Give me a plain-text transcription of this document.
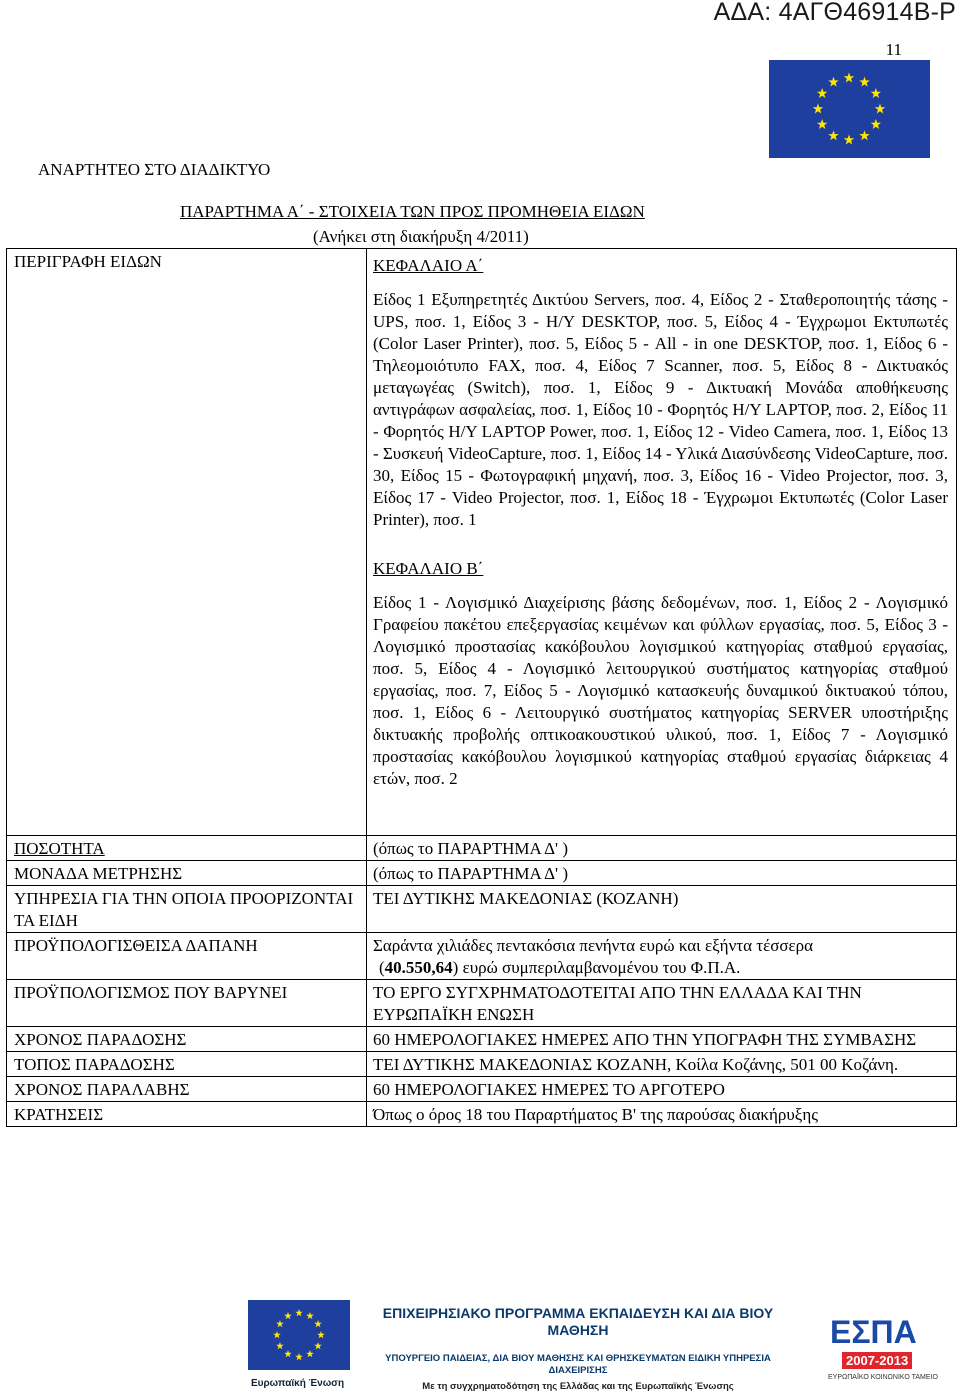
ΑΔΑ: 4ΑΓΘ46914Β-Ρ
11
ΑΝΑΡΤΗΤΕΟ ΣΤΟ ΔΙΑΔΙΚΤΥΟ
ΠΑΡΑΡΤΗΜΑ Α΄ - ΣΤΟΙΧΕΙΑ ΤΩΝ ΠΡΟΣ ΠΡΟΜΗΘΕΙΑ ΕΙΔΩΝ
(Ανήκει στη διακήρυξη 4/2011)
ΠΕΡΙΓΡΑΦΗ ΕΙΔΩΝ	ΚΕΦΑΛΑΙΟ Α΄
Είδος 1 Εξυπηρετητές Δικτύου Servers, ποσ. 4, Είδος 2 - Σταθεροποιητής τάσης - UPS, ποσ. 1, Είδος 3 - Η/Υ DESKTOP, ποσ. 5, Είδος 4 - Έγχρωμοι Εκτυπωτές (Color Laser Printer), ποσ. 5, Είδος 5 - All - in one DESKTOP, ποσ. 1, Είδος 6 - Τηλεομοιότυπο FAX, ποσ. 4, Είδος 7 Scanner, ποσ. 5, Είδος 8 - Δικτυακός μεταγωγέας (Switch), ποσ. 1, Είδος 9 - Δικτυακή Μονάδα αποθήκευσης αντιγράφων ασφαλείας, ποσ. 1, Είδος 10 - Φορητός Η/Υ LAPTOP, ποσ. 2, Είδος 11 - Φορητός Η/Υ LAPTOP Power, ποσ. 1, Είδος 12 - Video Camera, ποσ. 1, Είδος 13 - Συσκευή VideoCapture, ποσ. 1, Είδος 14 - Υλικά Διασύνδεσης VideoCapture, ποσ. 30, Είδος 15 - Φωτογραφική μηχανή, ποσ. 3, Είδος 16 - Video Projector, ποσ. 3, Είδος 17 - Video Projector, ποσ. 1, Είδος 18 - Έγχρωμοι Εκτυπωτές (Color Laser Printer), ποσ. 1
ΚΕΦΑΛΑΙΟ Β΄
Είδος 1 - Λογισμικό Διαχείρισης βάσης δεδομένων, ποσ. 1, Είδος 2 - Λογισμικό Γραφείου πακέτου επεξεργασίας κειμένων και φύλλων εργασίας, ποσ. 5, Είδος 3 - Λογισμικό προστασίας κακόβουλου λογισμικού κατηγορίας σταθμού εργασίας, ποσ. 5, Είδος 4 - Λογισμικό λειτουργικού συστήματος κατηγορίας σταθμού εργασίας, ποσ. 7, Είδος 5 - Λογισμικό κατασκευής δυναμικού δικτυακού τόπου, ποσ. 1, Είδος 6 - Λειτουργικό συστήματος κατηγορίας SERVER υποστήριξης δικτυακής προβολής οπτικοακουστικού υλικού, ποσ. 1, Είδος 7 - Λογισμικό προστασίας κακόβουλου λογισμικού κατηγορίας σταθμού εργασίας διάρκειας 4 ετών, ποσ. 2

ΠΟΣΟΤΗΤΑ	(όπως το ΠΑΡΑΡΤΗΜΑ Δ' )
ΜΟΝΑΔΑ ΜΕΤΡΗΣΗΣ	(όπως το ΠΑΡΑΡΤΗΜΑ Δ' )
ΥΠΗΡΕΣΙΑ ΓΙΑ ΤΗΝ ΟΠΟΙΑ ΠΡΟΟΡΙΖΟΝΤΑΙ ΤΑ ΕΙΔΗ	ΤΕΙ ΔΥΤΙΚΗΣ ΜΑΚΕΔΟΝΙΑΣ (ΚΟΖΑΝΗ)
ΠΡΟΫΠΟΛΟΓΙΣΘΕΙΣΑ ΔΑΠΑΝΗ	Σαράντα χιλιάδες πεντακόσια πενήντα ευρώ και εξήντα τέσσερα
(40.550,64) ευρώ συμπεριλαμβανομένου του Φ.Π.Α.

ΠΡΟΫΠΟΛΟΓΙΣΜΟΣ ΠΟΥ ΒΑΡΥΝΕΙ	ΤΟ ΕΡΓΟ ΣΥΓΧΡΗΜΑΤΟΔΟΤΕΙΤΑΙ ΑΠΟ ΤΗΝ ΕΛΛΑΔΑ ΚΑΙ ΤΗΝ ΕΥΡΩΠΑΪΚΗ ΕΝΩΣΗ
ΧΡΟΝΟΣ ΠΑΡΑΔΟΣΗΣ	60 ΗΜΕΡΟΛΟΓΙΑΚΕΣ ΗΜΕΡΕΣ ΑΠΟ ΤΗΝ ΥΠΟΓΡΑΦΗ ΤΗΣ ΣΥΜΒΑΣΗΣ
ΤΟΠΟΣ ΠΑΡΑΔΟΣΗΣ	ΤΕΙ ΔΥΤΙΚΗΣ ΜΑΚΕΔΟΝΙΑΣ ΚΟΖΑΝΗ, Κοίλα Κοζάνης, 501 00 Κοζάνη.
ΧΡΟΝΟΣ ΠΑΡΑΛΑΒΗΣ	60 ΗΜΕΡΟΛΟΓΙΑΚΕΣ ΗΜΕΡΕΣ ΤΟ ΑΡΓΟΤΕΡΟ
ΚΡΑΤΗΣΕΙΣ	Όπως ο όρος 18 του Παραρτήματος Β' της παρούσας διακήρυξης
Ευρωπαϊκή Ένωση
ΕΠΙΧΕΙΡΗΣΙΑΚΟ ΠΡΟΓΡΑΜΜΑ ΕΚΠΑΙΔΕΥΣΗ ΚΑΙ ΔΙΑ ΒΙΟΥ ΜΑΘΗΣΗ
ΥΠΟΥΡΓΕΙΟ ΠΑΙΔΕΙΑΣ, ΔΙΑ ΒΙΟΥ ΜΑΘΗΣΗΣ ΚΑΙ ΘΡΗΣΚΕΥΜΑΤΩΝ ΕΙΔΙΚΗ ΥΠΗΡΕΣΙΑ ΔΙΑΧΕΙΡΙΣΗΣ
Με τη συγχρηματοδότηση της Ελλάδας και της Ευρωπαϊκής Ένωσης
ΕΣΠΑ
2007-2013
ΕΥΡΩΠΑΪΚΟ ΚΟΙΝΩΝΙΚΟ ΤΑΜΕΙΟ
